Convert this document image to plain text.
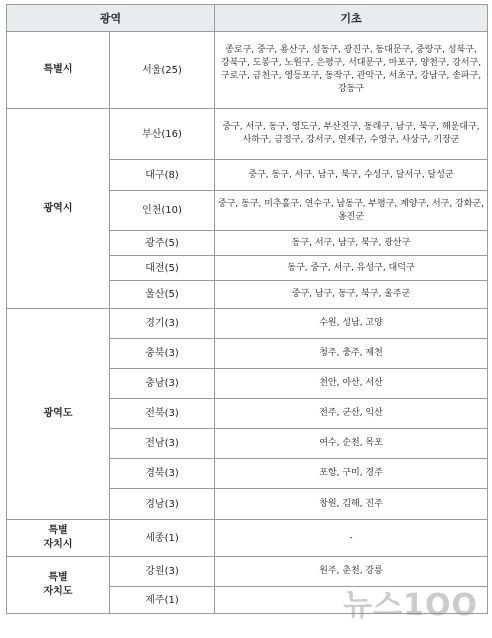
광역		기초
특별시	서울(25)	종로구, 중구, 용산구, 성동구, 광진구, 동대문구, 중랑구, 성북구, 강북구, 도봉구, 노원구, 은평구, 서대문구, 마포구, 양천구, 강서구, 구로구, 금천구, 영등포구, 동작구, 관악구, 서초구, 강남구, 송파구, 강동구
광역시	부산(16)	중구, 서구, 동구, 영도구, 부산진구, 동래구, 남구, 북구, 해운대구, 사하구, 금정구, 강서구, 연제구, 수영구, 사상구, 기장군
	대구(8)	중구, 동구, 서구, 남구, 북구, 수성구, 달서구, 달성군
	인천(10)	중구, 동구, 미추홀구, 연수구, 남동구, 부평구, 계양구, 서구, 강화군, 옹진군
	광주(5)	동구, 서구, 남구, 북구, 광산구
	대전(5)	동구, 중구, 서구, 유성구, 대덕구
	울산(5)	중구, 남구, 동구, 북구, 울주군

광역도	경기(3)	수원, 성남, 고양
	충북(3)	청주, 충주, 제천
	충남(3)	천안, 아산, 서산
	전북(3)	전주, 군산, 익산
	전남(3)	여수, 순천, 목포
	경북(3)	포항, 구미, 경주
	경남(3)	창원, 김해, 진주
특별
자치시	세종(1)	-
특별
자치도	강원(3)	원주, 춘천, 강릉
	제주(1)		뉴스1OO
